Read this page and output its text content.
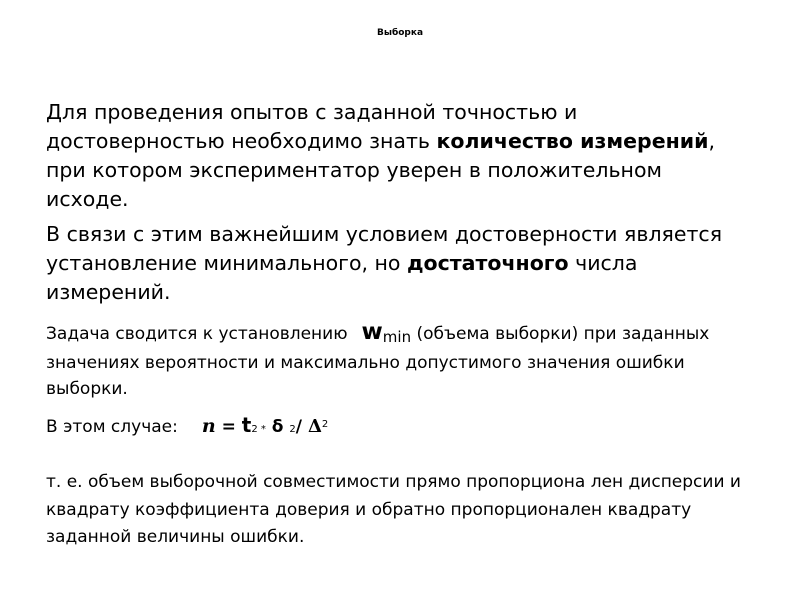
Выборка

Для проведения опытов с заданной точностью и достоверностью необходимо знать количество измерений, при котором экспериментатор уверен в положительном исходе.

В связи с этим важнейшим условием достоверности является установление минимального, но достаточного числа измерений.

Задача сводится к установлению wmin (объема выборки) при заданных значениях вероятности и максимально допустимого значения ошибки выборки.

В этом случае: n = t2 * δ 2/ $\Delta^2$

т. е. объем выборочной совместимости прямо пропорциона лен дисперсии и квадрату коэффициента доверия и обратно пропорционален квадрату заданной величины ошибки.
